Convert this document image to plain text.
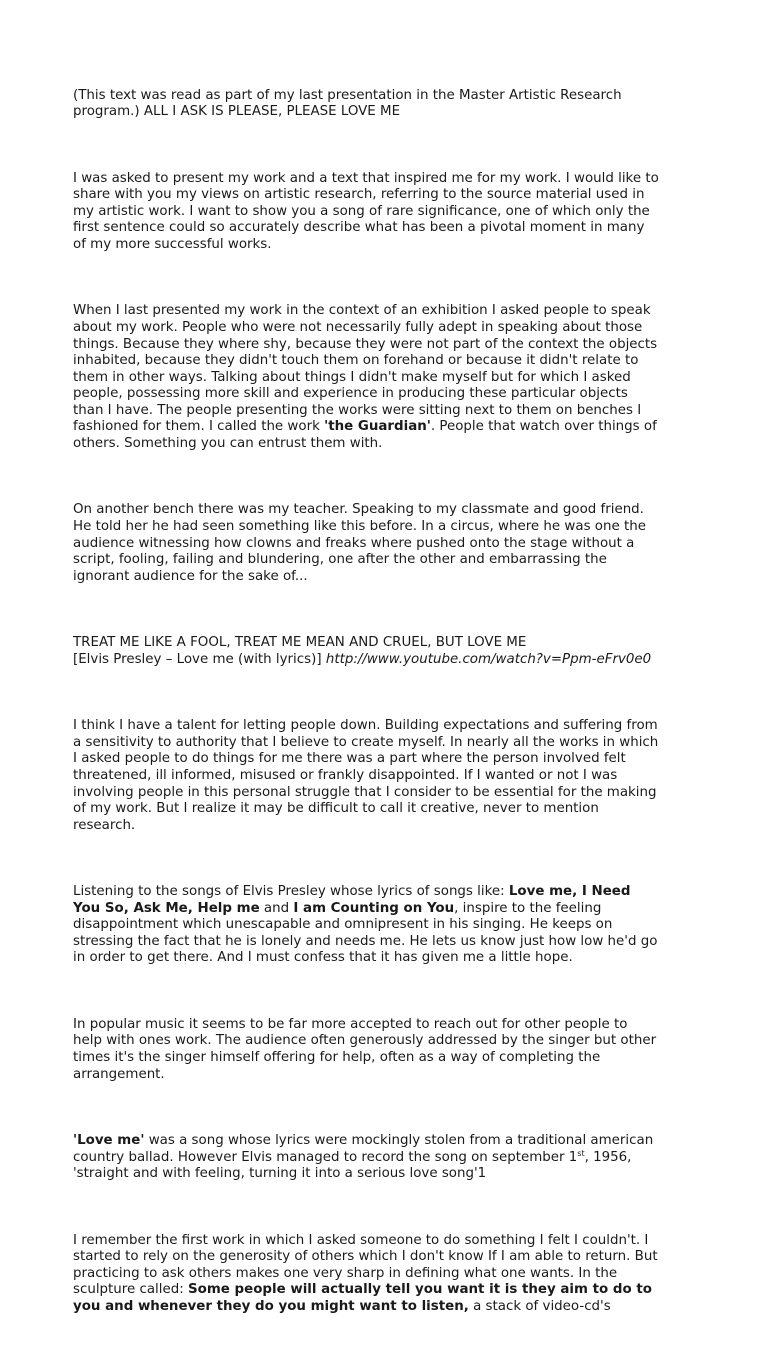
(This text was read as part of my last presentation in the Master Artistic Research
program.) ALL I ASK IS PLEASE, PLEASE LOVE ME

I was asked to present my work and a text that inspired me for my work. I would like to
share with you my views on artistic research, referring to the source material used in
my artistic work. I want to show you a song of rare significance, one of which only the
first sentence could so accurately describe what has been a pivotal moment in many
of my more successful works.

When I last presented my work in the context of an exhibition I asked people to speak
about my work. People who were not necessarily fully adept in speaking about those
things. Because they where shy, because they were not part of the context the objects
inhabited, because they didn't touch them on forehand or because it didn't relate to
them in other ways. Talking about things I didn't make myself but for which I asked
people, possessing more skill and experience in producing these particular objects
than I have. The people presenting the works were sitting next to them on benches I
fashioned for them. I called the work 'the Guardian'. People that watch over things of
others. Something you can entrust them with.

On another bench there was my teacher. Speaking to my classmate and good friend.
He told her he had seen something like this before. In a circus, where he was one the
audience witnessing how clowns and freaks where pushed onto the stage without a
script, fooling, failing and blundering, one after the other and embarrassing the
ignorant audience for the sake of...

TREAT ME LIKE A FOOL, TREAT ME MEAN AND CRUEL, BUT LOVE ME
[Elvis Presley – Love me (with lyrics)] http://www.youtube.com/watch?v=Ppm-eFrv0e0

I think I have a talent for letting people down. Building expectations and suffering from
a sensitivity to authority that I believe to create myself. In nearly all the works in which
I asked people to do things for me there was a part where the person involved felt
threatened, ill informed, misused or frankly disappointed. If I wanted or not I was
involving people in this personal struggle that I consider to be essential for the making
of my work. But I realize it may be difficult to call it creative, never to mention
research.

Listening to the songs of Elvis Presley whose lyrics of songs like: Love me, I Need
You So, Ask Me, Help me and I am Counting on You, inspire to the feeling
disappointment which unescapable and omnipresent in his singing. He keeps on
stressing the fact that he is lonely and needs me. He lets us know just how low he'd go
in order to get there. And I must confess that it has given me a little hope.

In popular music it seems to be far more accepted to reach out for other people to
help with ones work. The audience often generously addressed by the singer but other
times it's the singer himself offering for help, often as a way of completing the
arrangement.

'Love me' was a song whose lyrics were mockingly stolen from a traditional american
country ballad. However Elvis managed to record the song on september 1st, 1956,
'straight and with feeling, turning it into a serious love song'1

I remember the first work in which I asked someone to do something I felt I couldn't. I
started to rely on the generosity of others which I don't know If I am able to return. But
practicing to ask others makes one very sharp in defining what one wants. In the
sculpture called: Some people will actually tell you want it is they aim to do to
you and whenever they do you might want to listen, a stack of video-cd's
